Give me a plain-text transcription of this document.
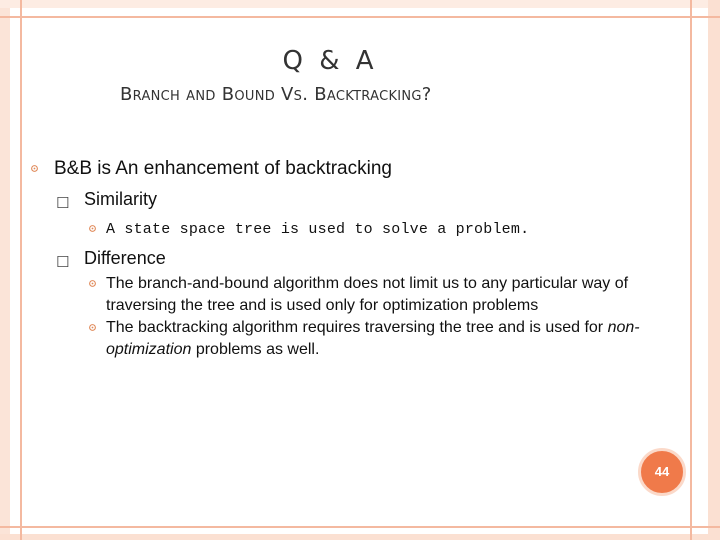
Q & A
Branch and Bound Vs. Backtracking?
B&B is An enhancement of backtracking
☐ Similarity
A state space tree is used to solve a problem.
☐ Difference
The branch-and-bound algorithm does not limit us to any particular way of traversing the tree and is used only for optimization problems
The backtracking algorithm requires traversing the tree and is used for non-optimization problems as well.
44
